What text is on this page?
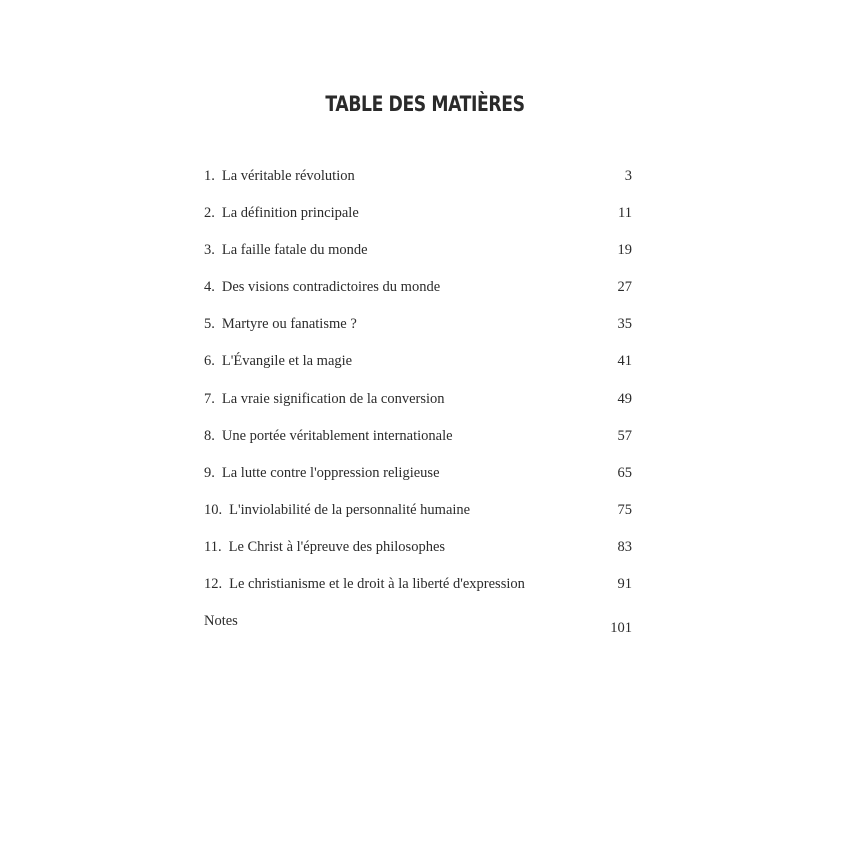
TABLE DES MATIÈRES
1. La véritable révolution	3
2. La définition principale	11
3. La faille fatale du monde	19
4. Des visions contradictoires du monde	27
5. Martyre ou fanatisme ?	35
6. L'Évangile et la magie	41
7. La vraie signification de la conversion	49
8. Une portée véritablement internationale	57
9. La lutte contre l'oppression religieuse	65
10. L'inviolabilité de la personnalité humaine	75
11. Le Christ à l'épreuve des philosophes	83
12. Le christianisme et le droit à la liberté d'expression	91
Notes	101
